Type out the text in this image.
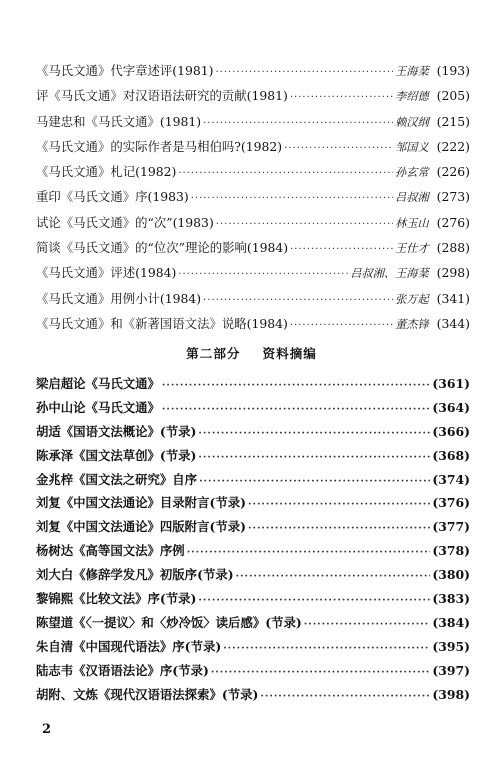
《马氏文通》代字章述评(1981) ·····	王海棻 (193)
评《马氏文通》对汉语语法研究的贡献(1981) ·····	李绍德 (205)
马建忠和《马氏文通》(1981) ·····	赖汉纲 (215)
《马氏文通》的实际作者是马相伯吗?(1982) ·····	邹国义 (222)
《马氏文通》札记(1982) ·····	孙玄常 (226)
重印《马氏文通》序(1983) ·····	吕叔湘 (273)
试论《马氏文通》的“次”(1983) ·····	林玉山 (276)
简谈《马氏文通》的“位次”理论的影响(1984) ·····	王仕才 (288)
《马氏文通》评述(1984) ·····	吕叔湘、王海棻 (298)
《马氏文通》用例小计(1984) ·····	张万起 (341)
《马氏文通》和《新著国语文法》说略(1984) ·····	董杰锋 (344)
第二部分 资料摘编
梁启超论《马氏文通》 ·····	(361)
孙中山论《马氏文通》 ·····	(364)
胡适《国语文法概论》(节录) ·····	(366)
陈承泽《国文法草创》(节录) ·····	(368)
金兆梓《国文法之研究》自序 ·····	(374)
刘复《中国文法通论》目录附言(节录) ·····	(376)
刘复《中国文法通论》四版附言(节录) ·····	(377)
杨树达《高等国文法》序例 ·····	(378)
刘大白《修辞学发凡》初版序(节录) ·····	(380)
黎锦熙《比较文法》序(节录) ·····	(383)
陈望道《〈一提议〉和〈炒冷饭〉读后感》(节录) ·····	(384)
朱自清《中国现代语法》序(节录) ·····	(395)
陆志韦《汉语语法论》序(节录) ·····	(397)
胡附、文炼《现代汉语语法探索》(节录) ·····	(398)
2
